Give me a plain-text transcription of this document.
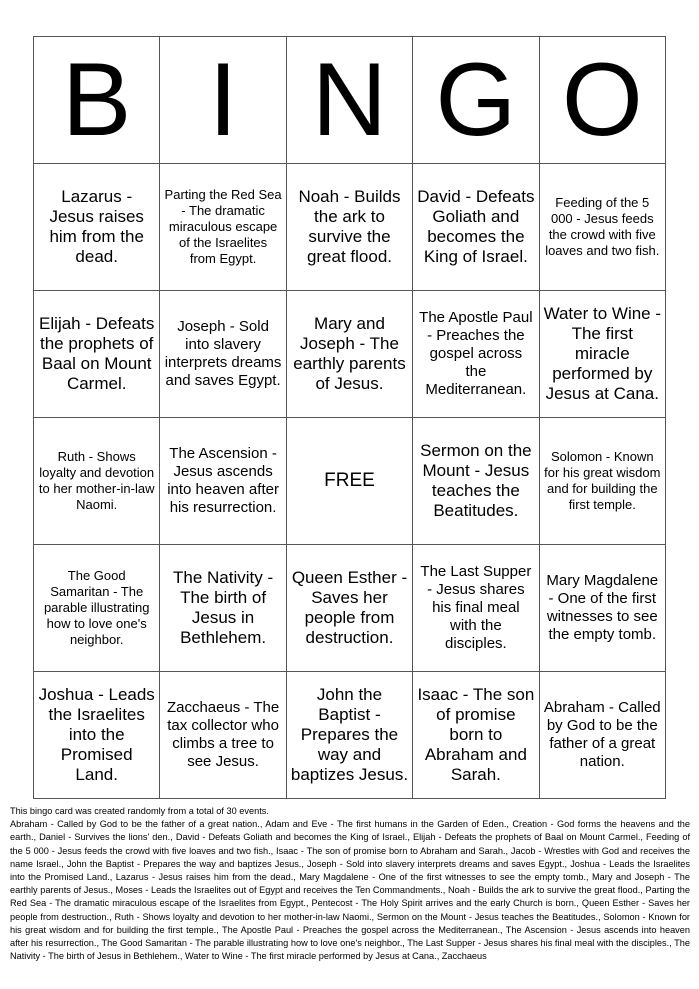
B	I	N	G	O
Lazarus - Jesus raises him from the dead.	Parting the Red Sea - The dramatic miraculous escape of the Israelites from Egypt.	Noah - Builds the ark to survive the great flood.	David - Defeats Goliath and becomes the King of Israel.	Feeding of the 5 000 - Jesus feeds the crowd with five loaves and two fish.
Elijah - Defeats the prophets of Baal on Mount Carmel.	Joseph - Sold into slavery interprets dreams and saves Egypt.	Mary and Joseph - The earthly parents of Jesus.	The Apostle Paul - Preaches the gospel across the Mediterranean.	Water to Wine - The first miracle performed by Jesus at Cana.
Ruth - Shows loyalty and devotion to her mother-in-law Naomi.	The Ascension - Jesus ascends into heaven after his resurrection.	FREE	Sermon on the Mount - Jesus teaches the Beatitudes.	Solomon - Known for his great wisdom and for building the first temple.
The Good Samaritan - The parable illustrating how to love one's neighbor.	The Nativity - The birth of Jesus in Bethlehem.	Queen Esther - Saves her people from destruction.	The Last Supper - Jesus shares his final meal with the disciples.	Mary Magdalene - One of the first witnesses to see the empty tomb.
Joshua - Leads the Israelites into the Promised Land.	Zacchaeus - The tax collector who climbs a tree to see Jesus.	John the Baptist - Prepares the way and baptizes Jesus.	Isaac - The son of promise born to Abraham and Sarah.	Abraham - Called by God to be the father of a great nation.

This bingo card was created randomly from a total of 30 events.

Abraham - Called by God to be the father of a great nation., Adam and Eve - The first humans in the Garden of Eden., Creation - God forms the heavens and the earth., Daniel - Survives the lions' den., David - Defeats Goliath and becomes the King of Israel., Elijah - Defeats the prophets of Baal on Mount Carmel., Feeding of the 5 000 - Jesus feeds the crowd with five loaves and two fish., Isaac - The son of promise born to Abraham and Sarah., Jacob - Wrestles with God and receives the name Israel., John the Baptist - Prepares the way and baptizes Jesus., Joseph - Sold into slavery interprets dreams and saves Egypt., Joshua - Leads the Israelites into the Promised Land., Lazarus - Jesus raises him from the dead., Mary Magdalene - One of the first witnesses to see the empty tomb., Mary and Joseph - The earthly parents of Jesus., Moses - Leads the Israelites out of Egypt and receives the Ten Commandments., Noah - Builds the ark to survive the great flood., Parting the Red Sea - The dramatic miraculous escape of the Israelites from Egypt., Pentecost - The Holy Spirit arrives and the early Church is born., Queen Esther - Saves her people from destruction., Ruth - Shows loyalty and devotion to her mother-in-law Naomi., Sermon on the Mount - Jesus teaches the Beatitudes., Solomon - Known for his great wisdom and for building the first temple., The Apostle Paul - Preaches the gospel across the Mediterranean., The Ascension - Jesus ascends into heaven after his resurrection., The Good Samaritan - The parable illustrating how to love one's neighbor., The Last Supper - Jesus shares his final meal with the disciples., The Nativity - The birth of Jesus in Bethlehem., Water to Wine - The first miracle performed by Jesus at Cana., Zacchaeus
